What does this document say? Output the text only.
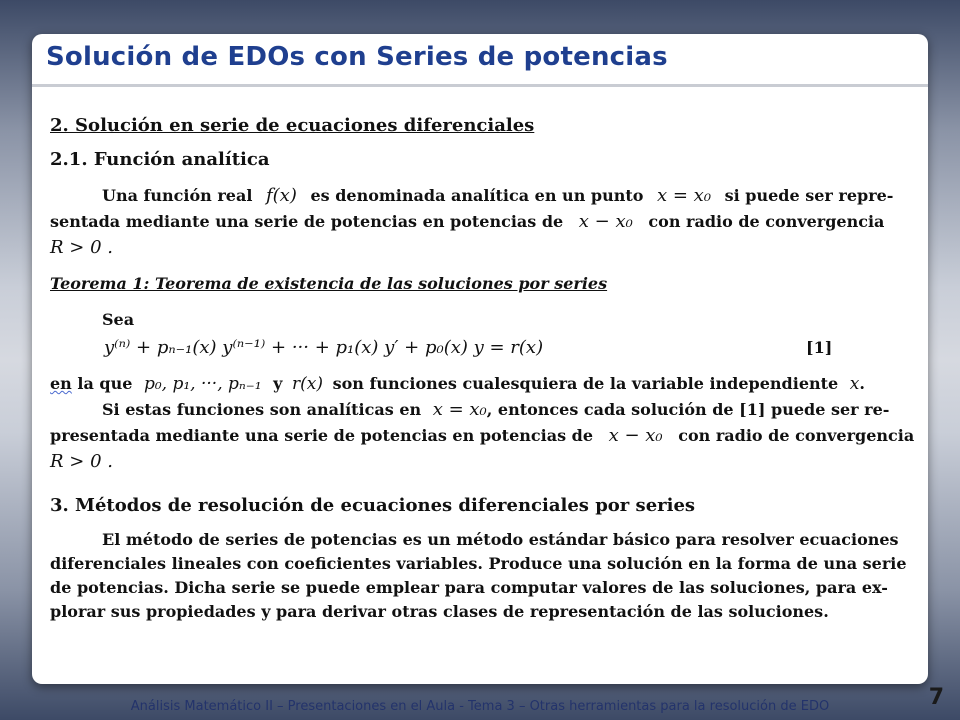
Solución de EDOs con Series de potencias
2. Solución en serie de ecuaciones diferenciales
2.1. Función analítica
Una función real f(x) es denominada analítica en un punto x = x₀ si puede ser repre-
sentada mediante una serie de potencias en potencias de x − x₀ con radio de convergencia
R > 0 .
Teorema 1: Teorema de existencia de las soluciones por series
Sea
y⁽ⁿ⁾ + pₙ₋₁(x) y⁽ⁿ⁻¹⁾ + ··· + p₁(x) y′ + p₀(x) y = r(x)	[1]
en la que p₀, p₁, ···, pₙ₋₁ y r(x) son funciones cualesquiera de la variable independiente x.
Si estas funciones son analíticas en x = x₀, entonces cada solución de [1] puede ser re-
presentada mediante una serie de potencias en potencias de x − x₀ con radio de convergencia
R > 0 .
3. Métodos de resolución de ecuaciones diferenciales por series
El método de series de potencias es un método estándar básico para resolver ecuaciones
diferenciales lineales con coeficientes variables. Produce una solución en la forma de una serie
de potencias. Dicha serie se puede emplear para computar valores de las soluciones, para ex-
plorar sus propiedades y para derivar otras clases de representación de las soluciones.
Análisis Matemático II – Presentaciones en el Aula - Tema 3 – Otras herramientas para la resolución de EDO	7
